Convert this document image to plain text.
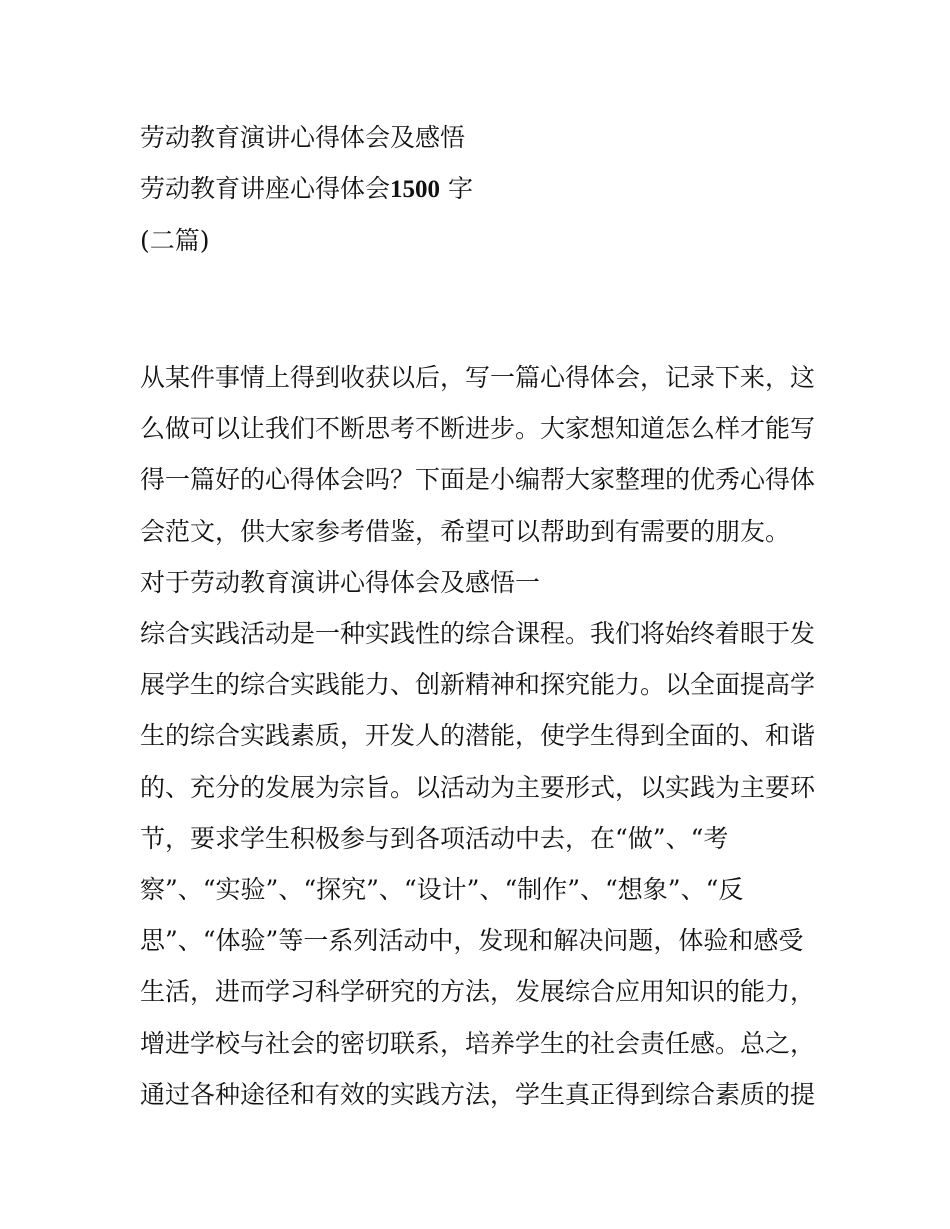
劳动教育演讲心得体会及感悟
劳动教育讲座心得体会1500 字
(二篇)
从某件事情上得到收获以后，写一篇心得体会，记录下来，这
么做可以让我们不断思考不断进步。大家想知道怎么样才能写
得一篇好的心得体会吗？下面是小编帮大家整理的优秀心得体
会范文，供大家参考借鉴，希望可以帮助到有需要的朋友。
对于劳动教育演讲心得体会及感悟一
综合实践活动是一种实践性的综合课程。我们将始终着眼于发
展学生的综合实践能力、创新精神和探究能力。以全面提高学
生的综合实践素质，开发人的潜能，使学生得到全面的、和谐
的、充分的发展为宗旨。以活动为主要形式，以实践为主要环
节，要求学生积极参与到各项活动中去，在“做”、“考
察”、“实验”、“探究”、“设计”、“制作”、“想象”、“反
思”、“体验”等一系列活动中，发现和解决问题，体验和感受
生活，进而学习科学研究的方法，发展综合应用知识的能力，
增进学校与社会的密切联系，培养学生的社会责任感。总之，
通过各种途径和有效的实践方法，学生真正得到综合素质的提
